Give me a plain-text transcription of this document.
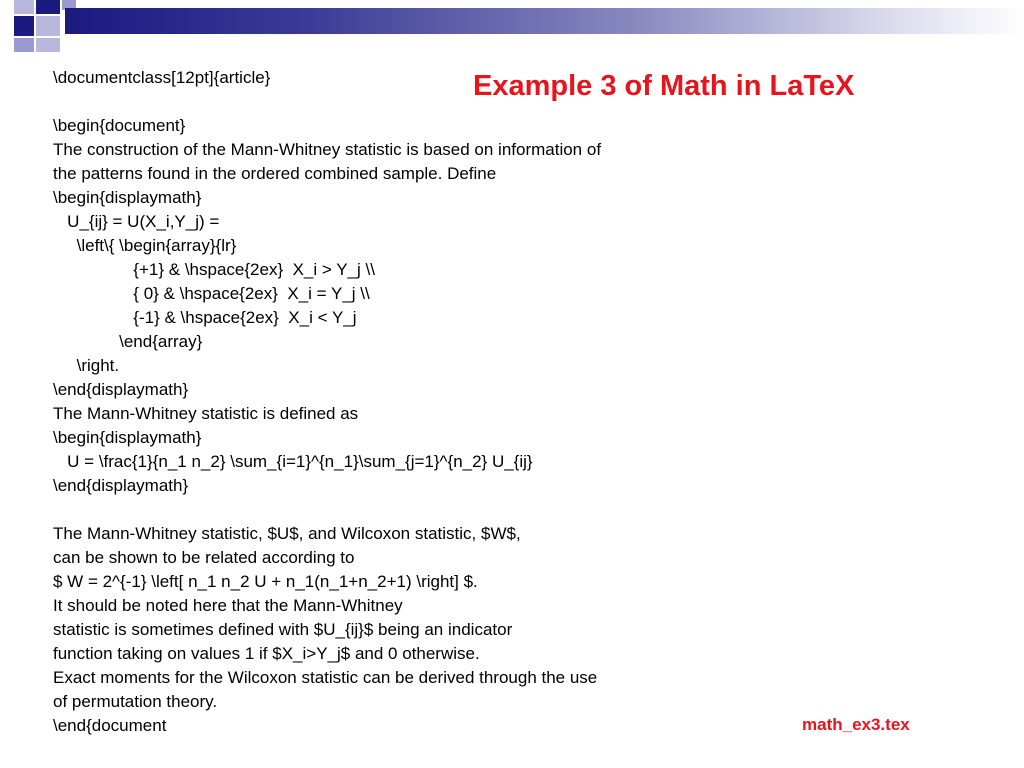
Example 3 of Math in LaTeX
\documentclass[12pt]{article}
\begin{document}
The construction of the Mann-Whitney statistic is based on information of
the patterns found in the ordered combined sample. Define
\begin{displaymath}
U_{ij} = U(X_i,Y_j) =
\left\{ \begin{array}{lr}
{+1} & \hspace{2ex}  X_i > Y_j \\
{ 0} & \hspace{2ex}  X_i = Y_j \\
{-1} & \hspace{2ex}  X_i < Y_j
\end{array}
\right.
\end{displaymath}
The Mann-Whitney statistic is defined as
\begin{displaymath}
U = \frac{1}{n_1 n_2} \sum_{i=1}^{n_1}\sum_{j=1}^{n_2} U_{ij}
\end{displaymath}
The Mann-Whitney statistic, $U$, and Wilcoxon statistic, $W$,
can be shown to be related according to
$ W = 2^{-1} \left[ n_1 n_2 U + n_1(n_1+n_2+1) \right] $.
It should be noted here that the Mann-Whitney
statistic is sometimes defined with $U_{ij}$ being an indicator
function taking on values 1 if $X_i>Y_j$ and 0 otherwise.
Exact moments for the Wilcoxon statistic can be derived through the use
of permutation theory.
\end{document	math_ex3.tex
